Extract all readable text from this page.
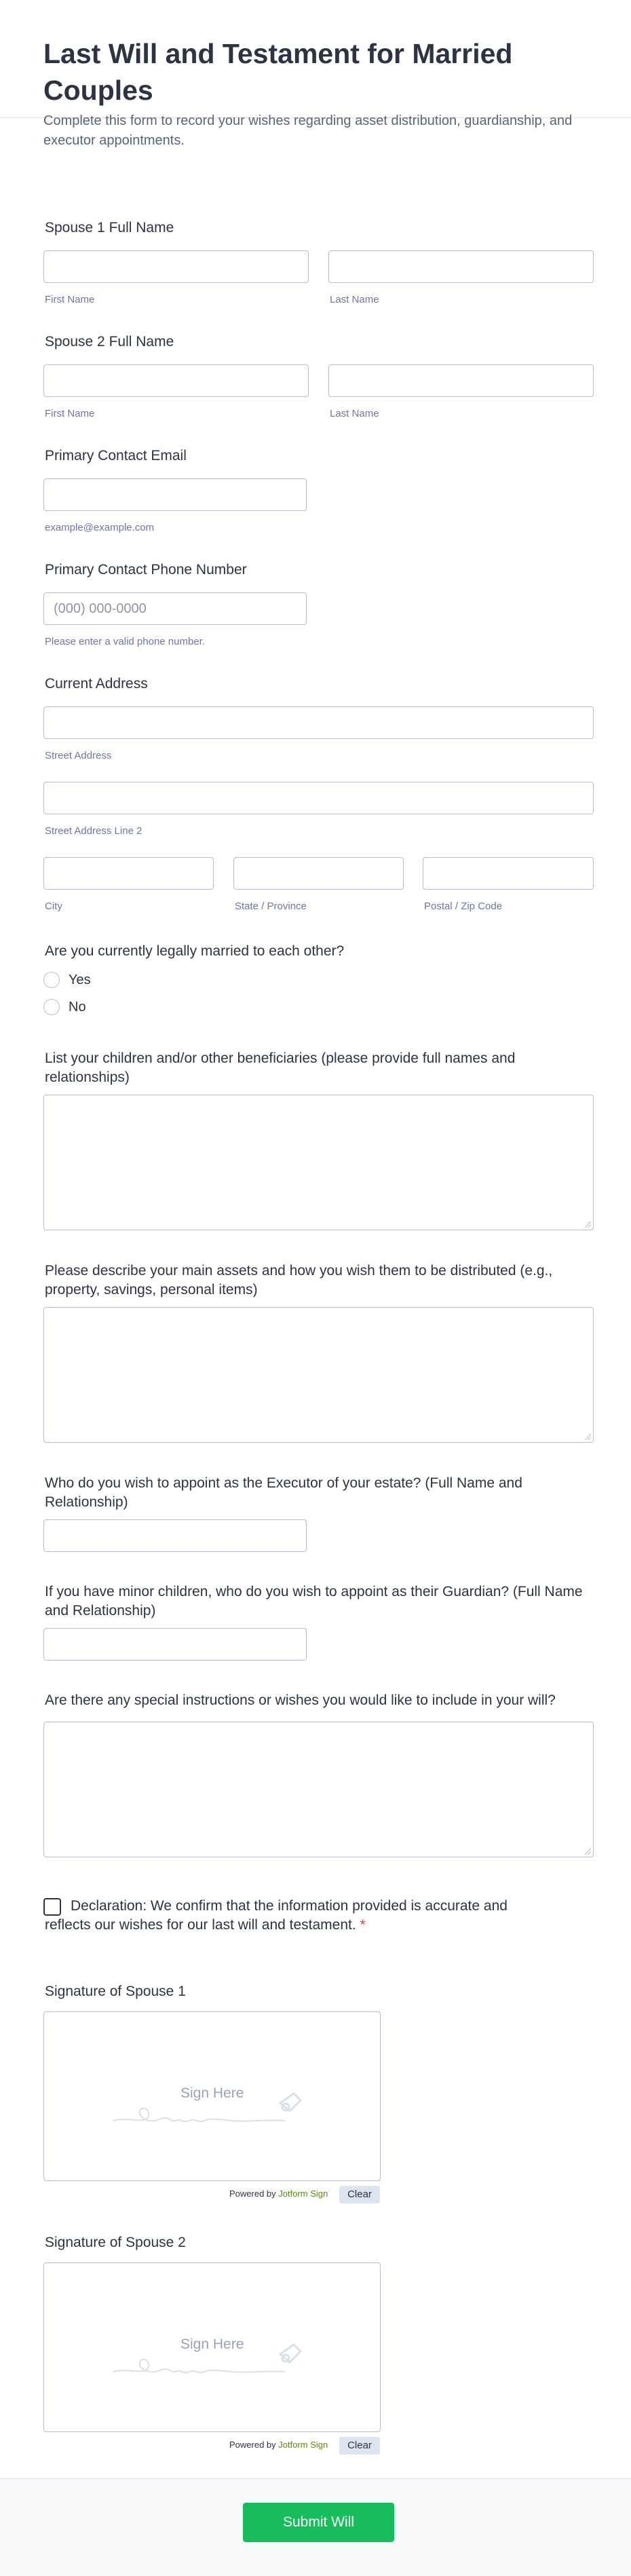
Last Will and Testament for Married Couples
Complete this form to record your wishes regarding asset distribution, guardianship, and executor appointments.
Spouse 1 Full Name
First Name	Last Name
Spouse 2 Full Name
First Name	Last Name
Primary Contact Email
example@example.com
Primary Contact Phone Number
(000) 000-0000
Please enter a valid phone number.
Current Address
Street Address
Street Address Line 2
City	State / Province	Postal / Zip Code
Are you currently legally married to each other?
Yes
No
List your children and/or other beneficiaries (please provide full names and relationships)
Please describe your main assets and how you wish them to be distributed (e.g., property, savings, personal items)
Who do you wish to appoint as the Executor of your estate? (Full Name and Relationship)
If you have minor children, who do you wish to appoint as their Guardian? (Full Name and Relationship)
Are there any special instructions or wishes you would like to include in your will?
Declaration: We confirm that the information provided is accurate and reflects our wishes for our last will and testament. *
Signature of Spouse 1
Sign Here
Powered by Jotform Sign	Clear
Signature of Spouse 2
Sign Here
Powered by Jotform Sign	Clear
Submit Will
